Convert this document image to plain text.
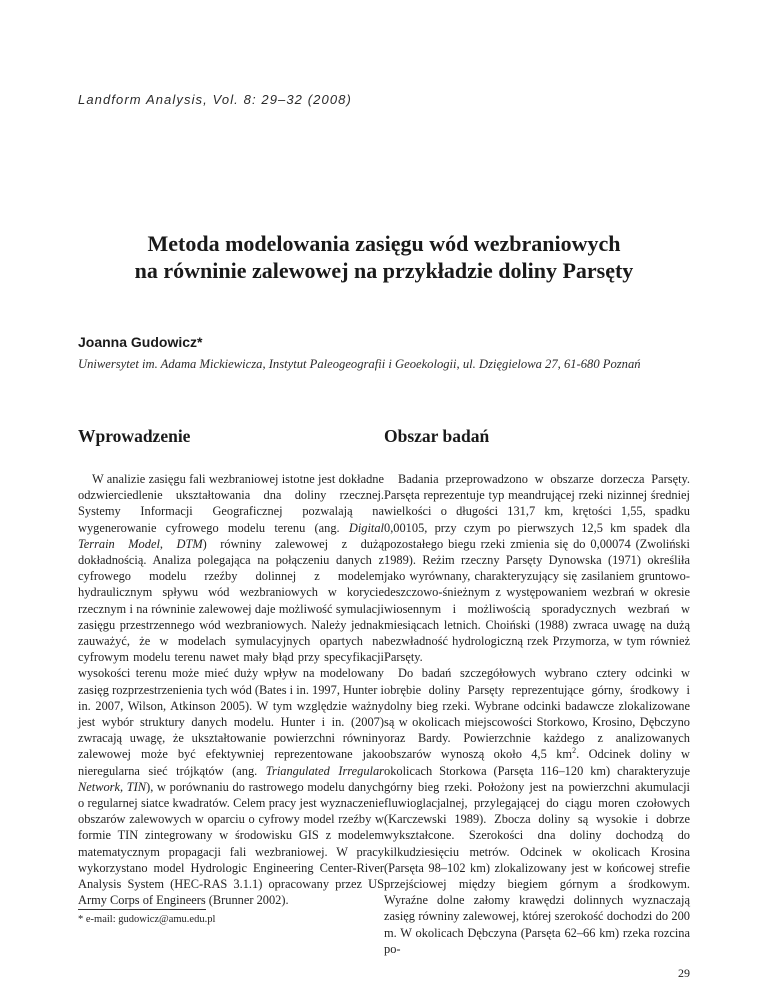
Landform Analysis, Vol. 8: 29–32 (2008)
Metoda modelowania zasięgu wód wezbraniowych
na równinie zalewowej na przykładzie doliny Parsęty
Joanna Gudowicz*
Uniwersytet im. Adama Mickiewicza, Instytut Paleogeografii i Geoekologii, ul. Dzięgielowa 27, 61-680 Poznań
Wprowadzenie

W analizie zasięgu fali wezbraniowej istotne jest dokładne odzwierciedlenie ukształtowania dna doliny rzecznej. Systemy Informacji Geograficznej pozwalają na wygenerowanie cyfrowego modelu terenu (ang. Digital Terrain Model, DTM) równiny zalewowej z dużą dokładnością. Analiza polegająca na połączeniu danych z cyfrowego modelu rzeźby dolinnej z modelem hydraulicznym spływu wód wezbraniowych w korycie rzecznym i na równinie zalewowej daje możliwość symulacji zasięgu przestrzennego wód wezbraniowych. Należy jednak zauważyć, że w modelach symulacyjnych opartych na cyfrowym modelu terenu nawet mały błąd przy specyfikacji wysokości terenu może mieć duży wpływ na modelowany zasięg rozprzestrzenienia tych wód (Bates i in. 1997, Hunter i in. 2007, Wilson, Atkinson 2005). W tym względzie ważny jest wybór struktury danych modelu. Hunter i in. (2007) zwracają uwagę, że ukształtowanie powierzchni równiny zalewowej może być efektywniej reprezentowane jako nieregularna sieć trójkątów (ang. Triangulated Irregular Network, TIN), w porównaniu do rastrowego modelu danych o regularnej siatce kwadratów. Celem pracy jest wyznaczenie obszarów zalewowych w oparciu o cyfrowy model rzeźby w formie TIN zintegrowany w środowisku GIS z modelem matematycznym propagacji fali wezbraniowej. W pracy wykorzystano model Hydrologic Engineering Center-River Analysis System (HEC-RAS 3.1.1) opracowany przez US Army Corps of Engineers (Brunner 2002).

Obszar badań

Badania przeprowadzono w obszarze dorzecza Parsęty. Parsęta reprezentuje typ meandrującej rzeki nizinnej średniej wielkości o długości 131,7 km, krętości 1,55, spadku 0,00105, przy czym po pierwszych 12,5 km spadek dla pozostałego biegu rzeki zmienia się do 0,00074 (Zwoliński 1989). Reżim rzeczny Parsęty Dynowska (1971) określiła jako wyrównany, charakteryzujący się zasilaniem gruntowo-deszczowo-śnieżnym z występowaniem wezbrań w okresie wiosennym i możliwością sporadycznych wezbrań w miesiącach letnich. Choiński (1988) zwraca uwagę na dużą bezwładność hydrologiczną rzek Przymorza, w tym również Parsęty.

Do badań szczegółowych wybrano cztery odcinki w obrębie doliny Parsęty reprezentujące górny, środkowy i dolny bieg rzeki. Wybrane odcinki badawcze zlokalizowane są w okolicach miejscowości Storkowo, Krosino, Dębczyno oraz Bardy. Powierzchnie każdego z analizowanych obszarów wynoszą około 4,5 $km^2$. Odcinek doliny w okolicach Storkowa (Parsęta 116–120 km) charakteryzuje górny bieg rzeki. Położony jest na powierzchni akumulacji fluwioglacjalnej, przylegającej do ciągu moren czołowych (Karczewski 1989). Zbocza doliny są wysokie i dobrze wykształcone. Szerokości dna doliny dochodzą do kilkudziesięciu metrów. Odcinek w okolicach Krosina (Parsęta 98–102 km) zlokalizowany jest w końcowej strefie przejściowej między biegiem górnym a środkowym. Wyraźne dolne załomy krawędzi dolinnych wyznaczają zasięg równiny zalewowej, której szerokość dochodzi do 200 m. W okolicach Dębczyna (Parsęta 62–66 km) rzeka rozcina po-

* e-mail: gudowicz@amu.edu.pl
29
